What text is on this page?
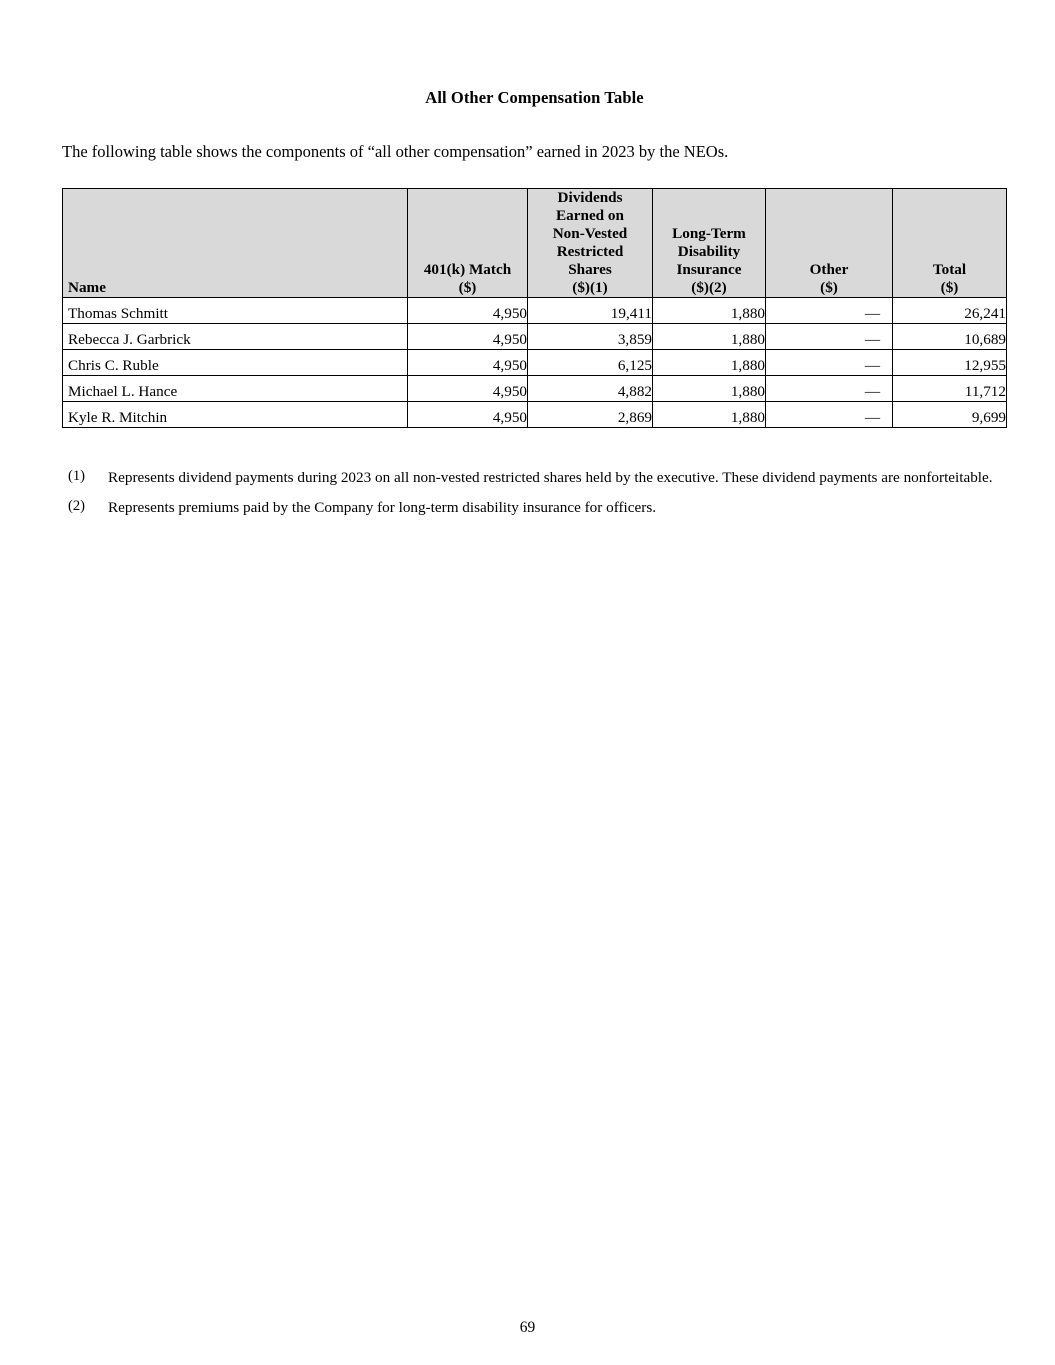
All Other Compensation Table

The following table shows the components of “all other compensation” earned in 2023 by the NEOs.

Name

401(k) Match
($)

Dividends
Earned on
Non-Vested
Restricted
Shares
($)(1)

Long-Term
Disability
Insurance
($)(2)

Other
($)

Total
($)

Thomas Schmitt	4,950	19,411	1,880	—	26,241
Rebecca J. Garbrick	4,950	3,859	1,880	—	10,689
Chris C. Ruble	4,950	6,125	1,880	—	12,955
Michael L. Hance	4,950	4,882	1,880	—	11,712
Kyle R. Mitchin	4,950	2,869	1,880	—	9,699
(1)	Represents dividend payments during 2023 on all non-vested restricted shares held by the executive. These dividend payments are nonforteitable.
(2)	Represents premiums paid by the Company for long-term disability insurance for officers.
69
